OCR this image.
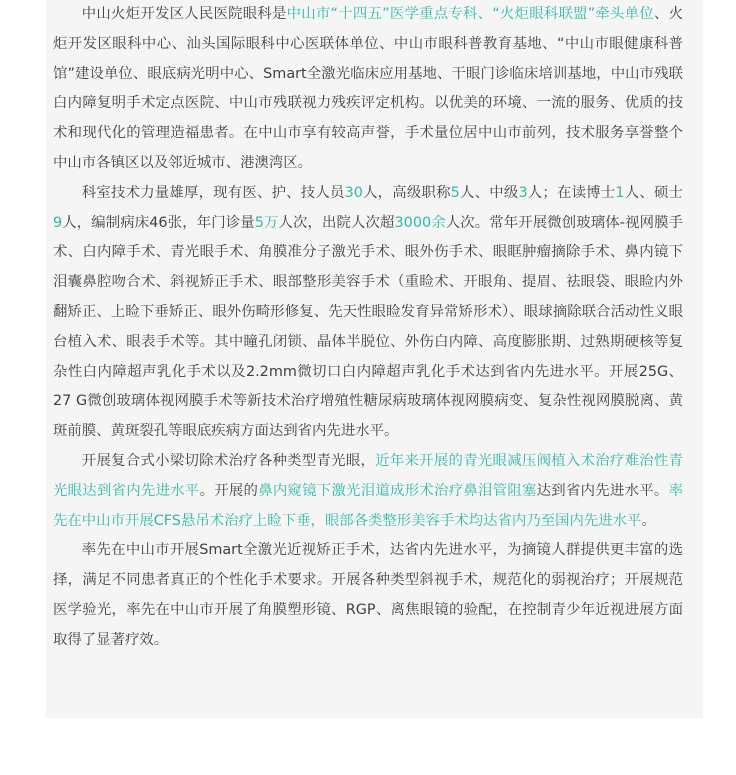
中山火炬开发区人民医院眼科是中山市“十四五”医学重点专科、“火炬眼科联盟”牵头单位、火炬开发区眼科中心、汕头国际眼科中心医联体单位、中山市眼科普教育基地、“中山市眼健康科普馆”建设单位、眼底病光明中心、Smart全激光临床应用基地、干眼门诊临床培训基地，中山市残联白内障复明手术定点医院、中山市残联视力残疾评定机构。以优美的环境、一流的服务、优质的技术和现代化的管理造福患者。在中山市享有较高声誉，手术量位居中山市前列，技术服务享誉整个中山市各镇区以及邻近城市、港澳湾区。

科室技术力量雄厚，现有医、护、技人员30人，高级职称5人、中级3人；在读博士1人、硕士9人，编制病床46张，年门诊量5万人次，出院人次超3000余人次。常年开展微创玻璃体-视网膜手术、白内障手术、青光眼手术、角膜准分子激光手术、眼外伤手术、眼眶肿瘤摘除手术、鼻内镜下泪囊鼻腔吻合术、斜视矫正手术、眼部整形美容手术（重睑术、开眼角、提眉、祛眼袋、眼睑内外翻矫正、上睑下垂矫正、眼外伤畸形修复、先天性眼睑发育异常矫形术）、眼球摘除联合活动性义眼台植入术、眼表手术等。其中瞳孔闭锁、晶体半脱位、外伤白内障、高度膨胀期、过熟期硬核等复杂性白内障超声乳化手术以及2.2mm微切口白内障超声乳化手术达到省内先进水平。开展25G、27 G微创玻璃体视网膜手术等新技术治疗增殖性糖尿病玻璃体视网膜病变、复杂性视网膜脱离、黄斑前膜、黄斑裂孔等眼底疾病方面达到省内先进水平。

开展复合式小梁切除术治疗各种类型青光眼，近年来开展的青光眼减压阀植入术治疗难治性青光眼达到省内先进水平。开展的鼻内窥镜下激光泪道成形术治疗鼻泪管阻塞达到省内先进水平。率先在中山市开展CFS悬吊术治疗上睑下垂，眼部各类整形美容手术均达省内乃至国内先进水平。

率先在中山市开展Smart全激光近视矫正手术，达省内先进水平，为摘镜人群提供更丰富的选择，满足不同患者真正的个性化手术要求。开展各种类型斜视手术，规范化的弱视治疗；开展规范医学验光，率先在中山市开展了角膜塑形镜、RGP、离焦眼镜的验配，在控制青少年近视进展方面取得了显著疗效。
